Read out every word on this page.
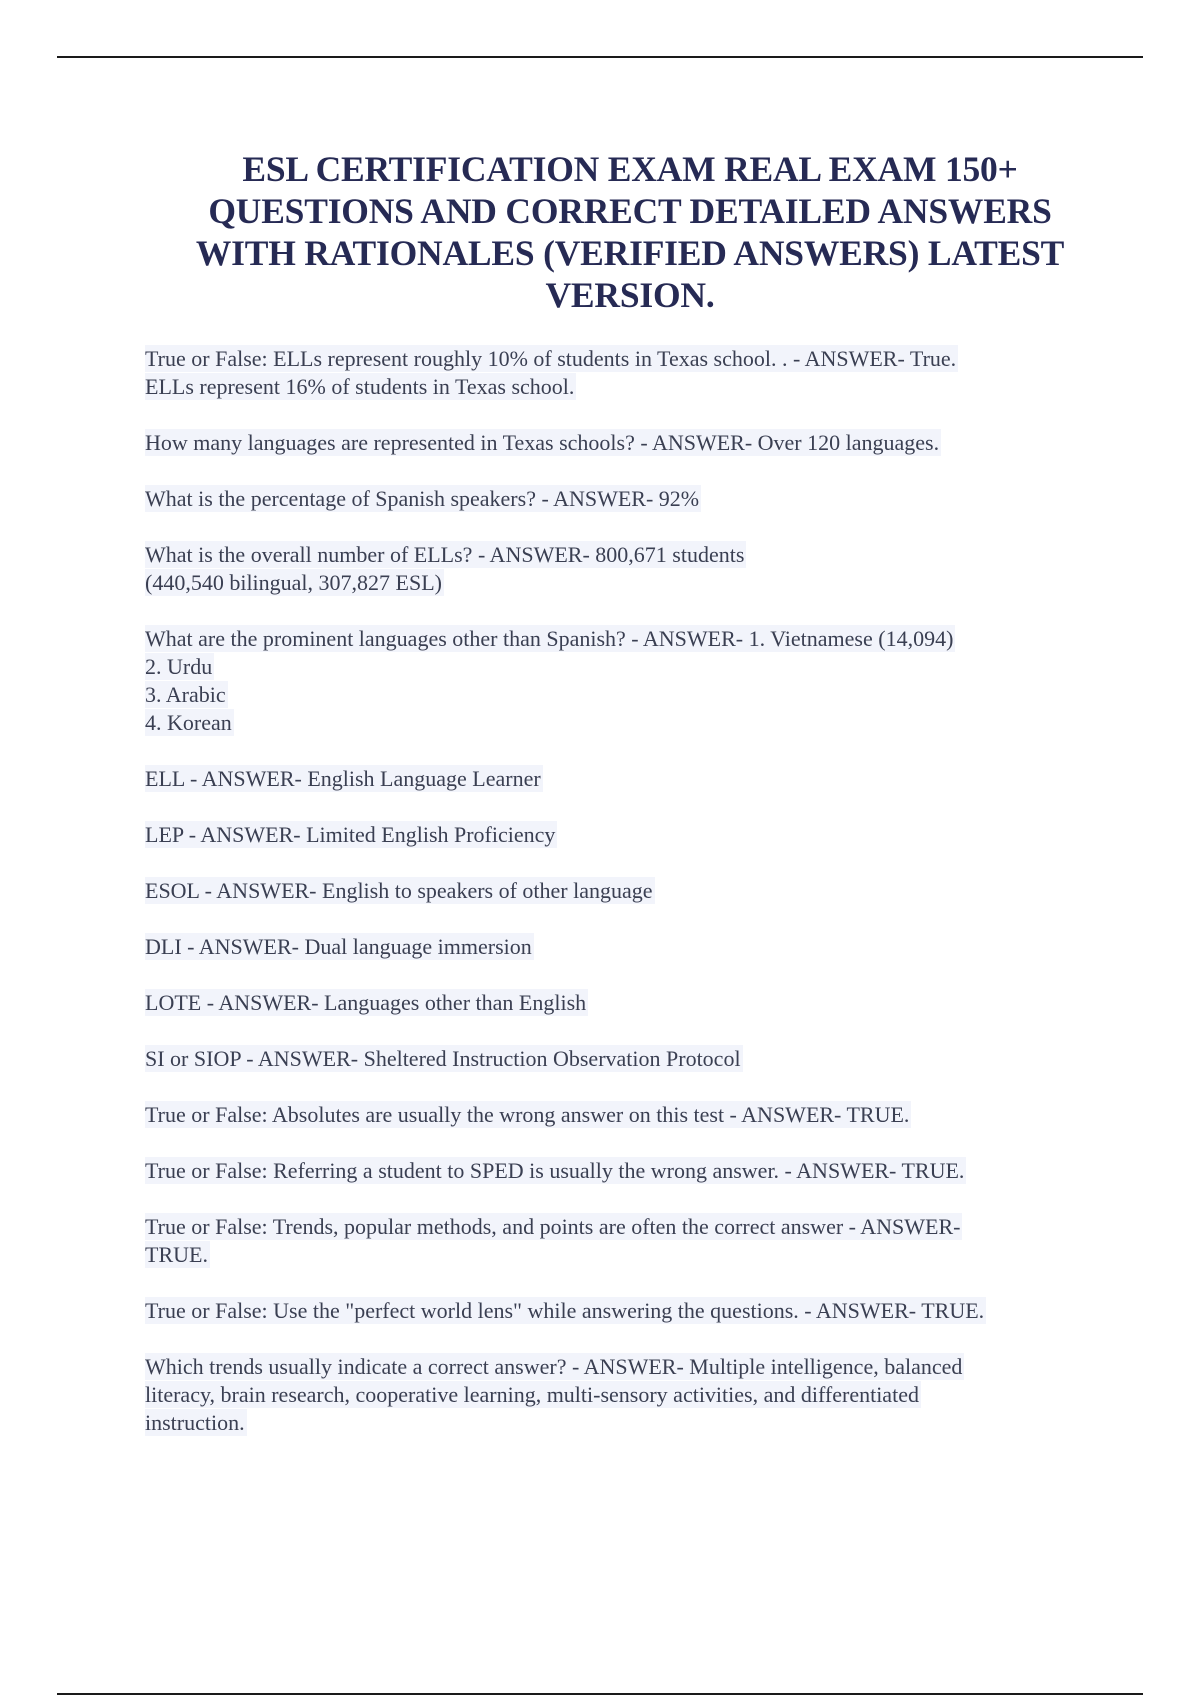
ESL CERTIFICATION EXAM REAL EXAM 150+
QUESTIONS AND CORRECT DETAILED ANSWERS
WITH RATIONALES (VERIFIED ANSWERS) LATEST
VERSION.
True or False: ELLs represent roughly 10% of students in Texas school. . - ANSWER- True.
ELLs represent 16% of students in Texas school.
How many languages are represented in Texas schools? - ANSWER- Over 120 languages.
What is the percentage of Spanish speakers? - ANSWER- 92%
What is the overall number of ELLs? - ANSWER- 800,671 students
(440,540 bilingual, 307,827 ESL)
What are the prominent languages other than Spanish? - ANSWER- 1. Vietnamese (14,094)
2. Urdu
3. Arabic
4. Korean
ELL - ANSWER- English Language Learner
LEP - ANSWER- Limited English Proficiency
ESOL - ANSWER- English to speakers of other language
DLI - ANSWER- Dual language immersion
LOTE - ANSWER- Languages other than English
SI or SIOP - ANSWER- Sheltered Instruction Observation Protocol
True or False: Absolutes are usually the wrong answer on this test - ANSWER- TRUE.
True or False: Referring a student to SPED is usually the wrong answer. - ANSWER- TRUE.
True or False: Trends, popular methods, and points are often the correct answer - ANSWER-
TRUE.
True or False: Use the "perfect world lens" while answering the questions. - ANSWER- TRUE.
Which trends usually indicate a correct answer? - ANSWER- Multiple intelligence, balanced
literacy, brain research, cooperative learning, multi-sensory activities, and differentiated
instruction.
